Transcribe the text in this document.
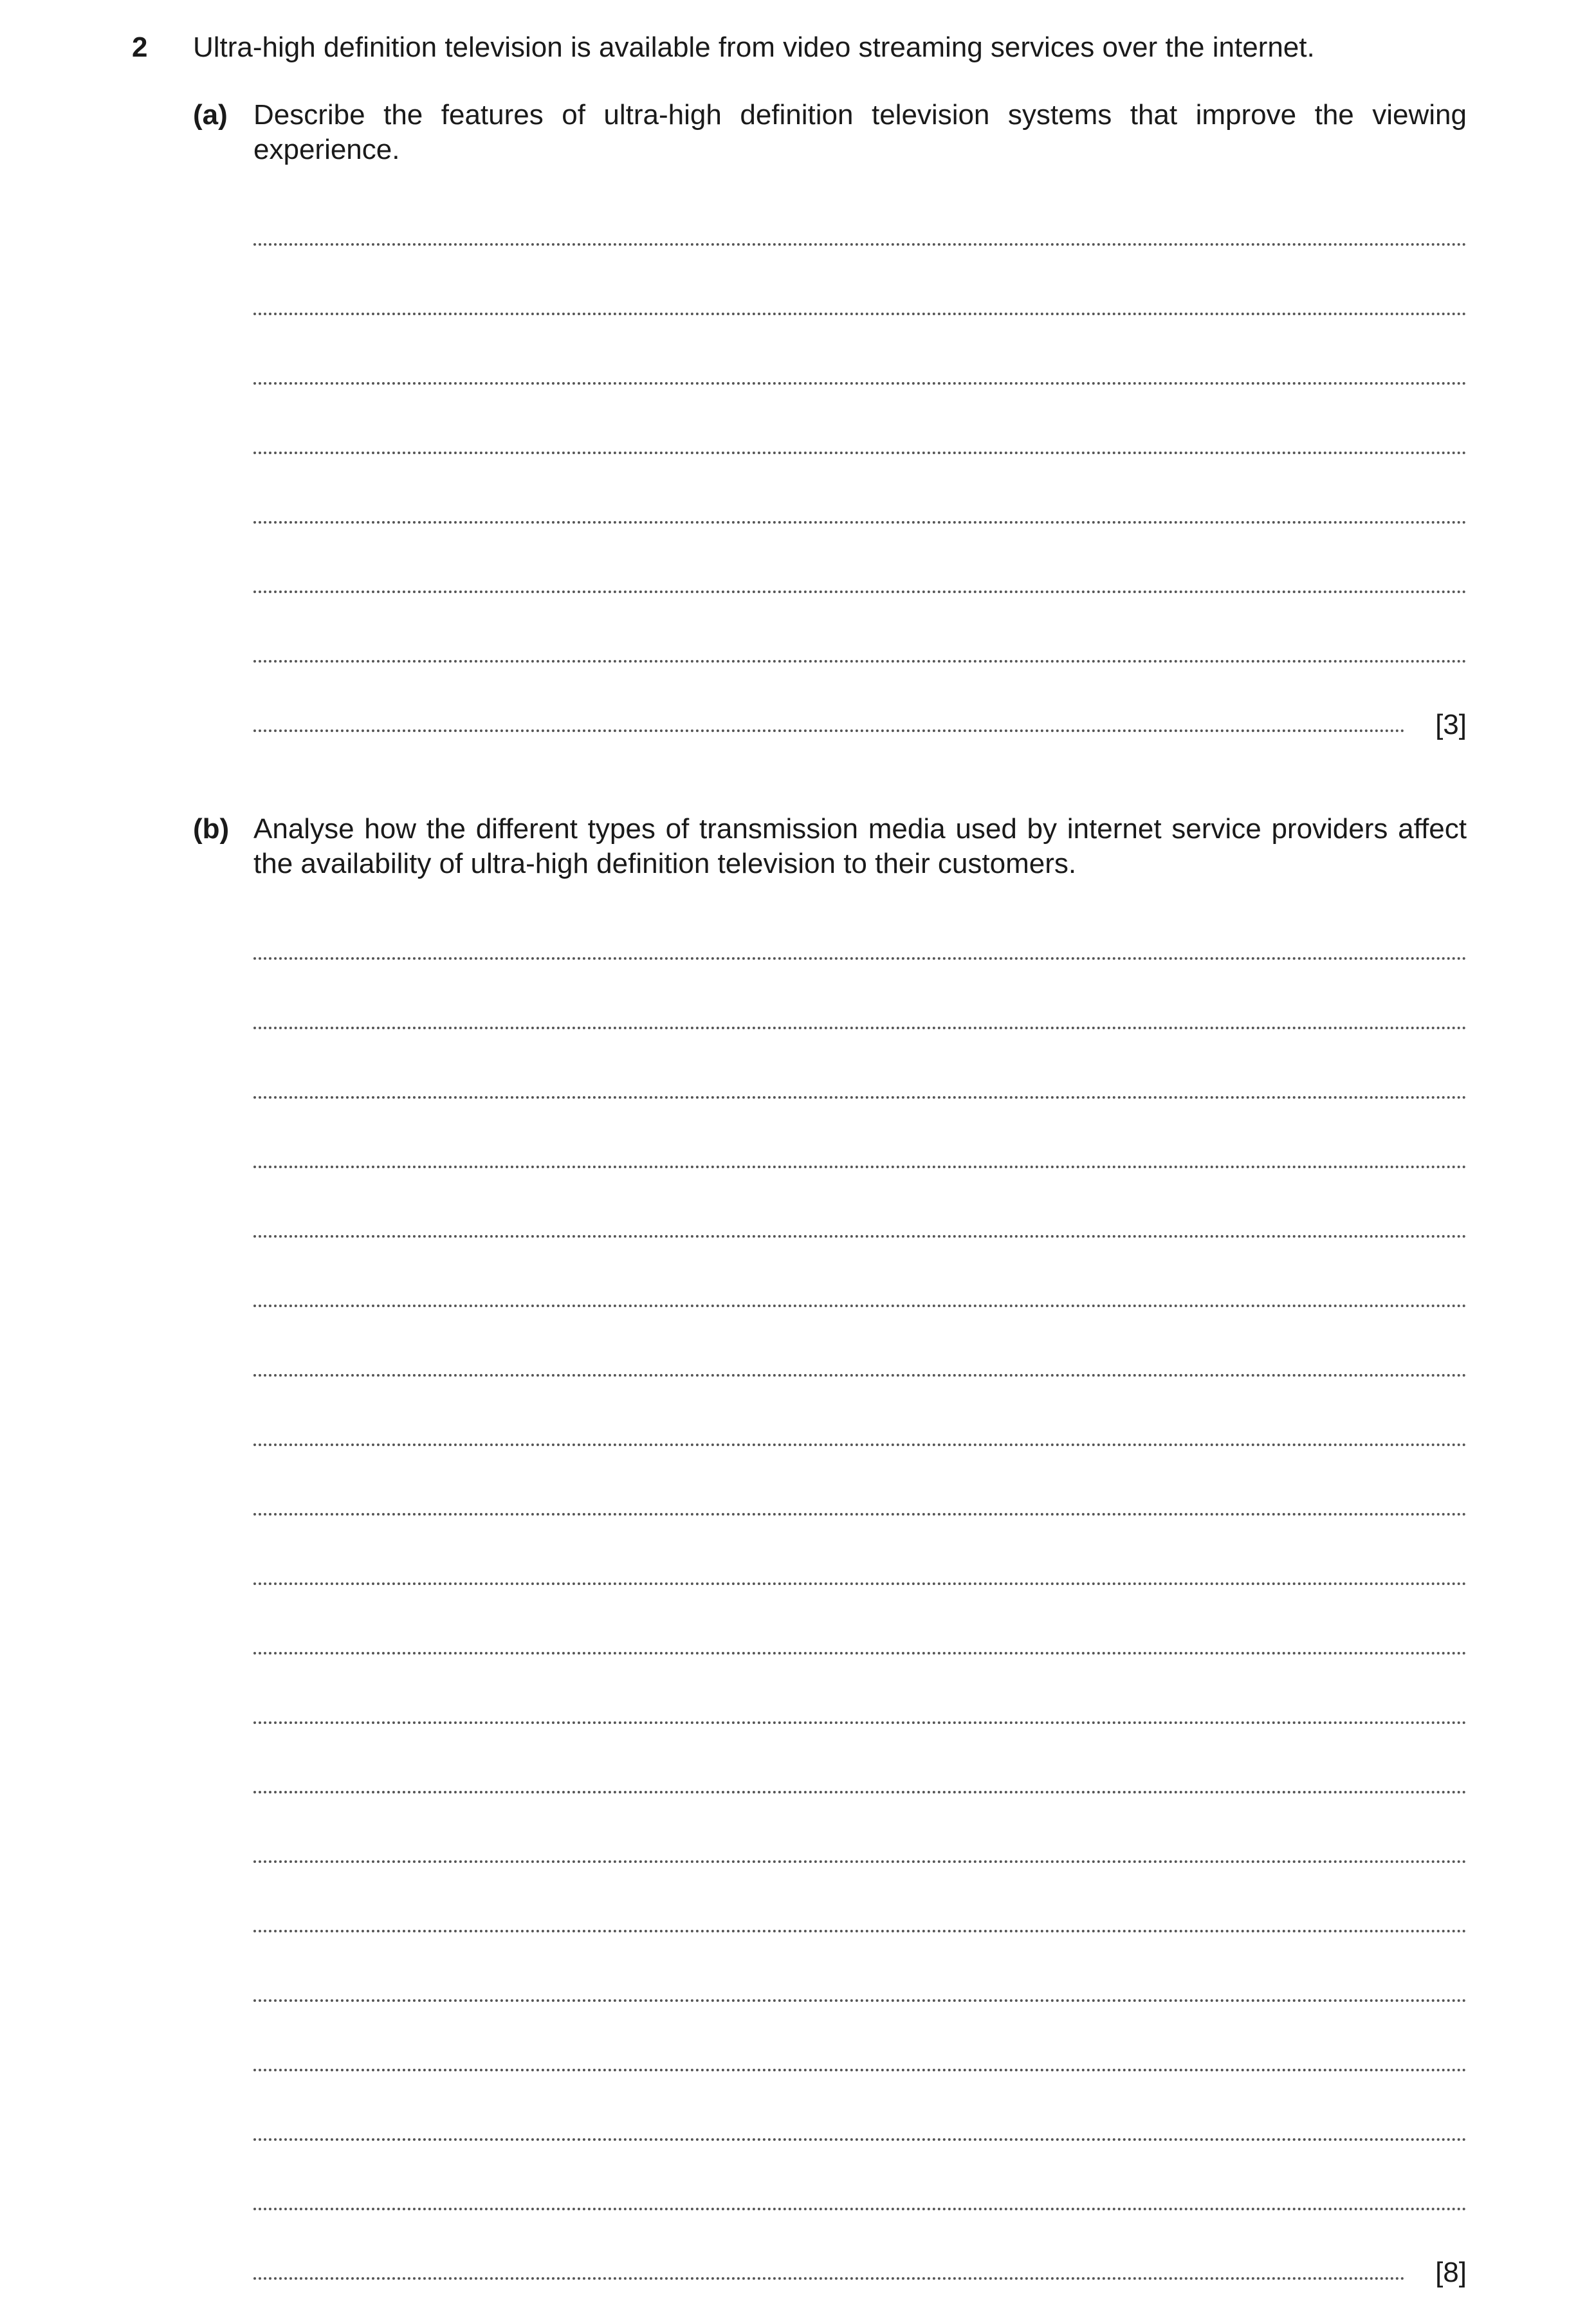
2 Ultra-high definition television is available from video streaming services over the internet.
(a) Describe the features of ultra-high definition television systems that improve the viewing experience.
[3]
(b) Analyse how the different types of transmission media used by internet service providers affect the availability of ultra-high definition television to their customers.
[8]
